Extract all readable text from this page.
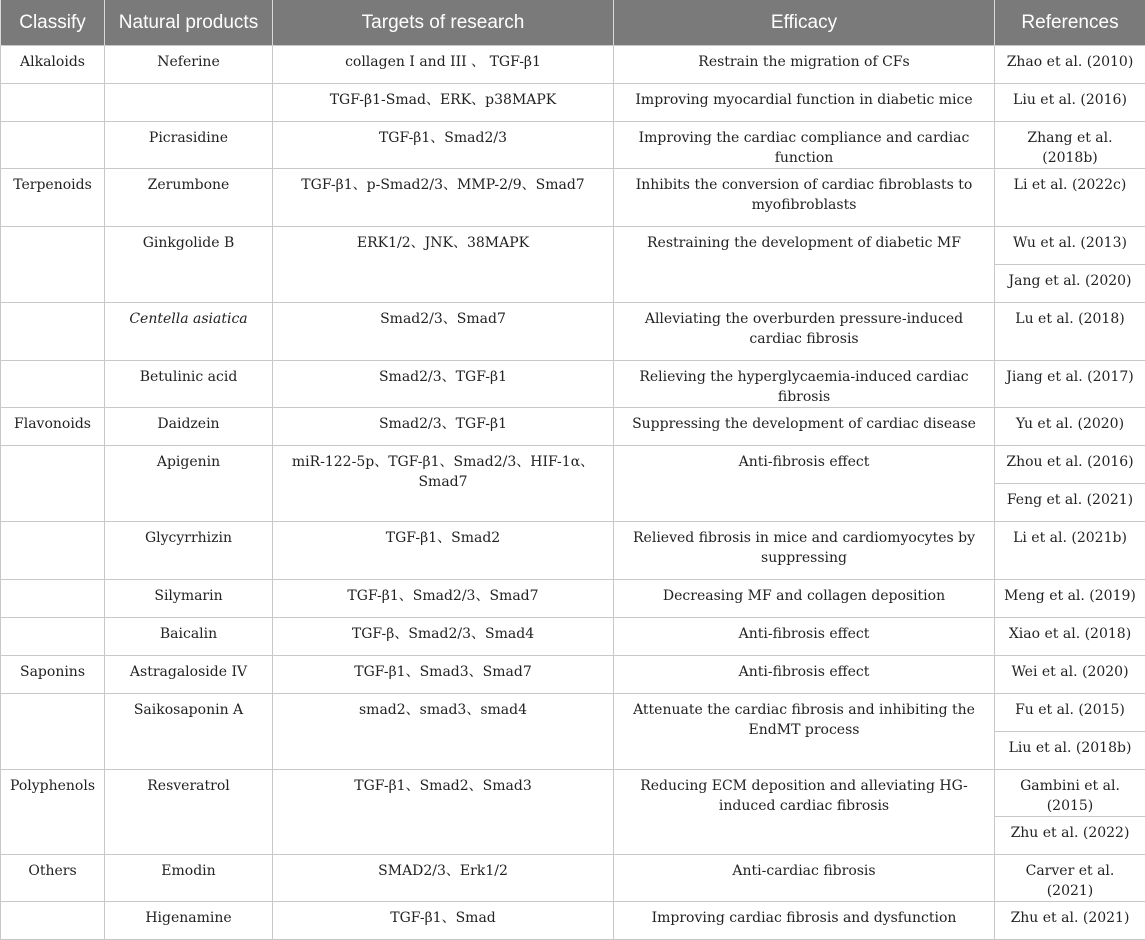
Classify	Natural products	Targets of research	Efficacy	References
Alkaloids	Neferine	collagen I and III 、 TGF-β1	Restrain the migration of CFs	Zhao et al. (2010)
		TGF-β1-Smad、ERK、p38MAPK	Improving myocardial function in diabetic mice	Liu et al. (2016)
	Picrasidine	TGF-β1、Smad2/3	Improving the cardiac compliance and cardiac function	Zhang et al. (2018b)
Terpenoids	Zerumbone	TGF-β1、p-Smad2/3、MMP-2/9、Smad7	Inhibits the conversion of cardiac fibroblasts to myofibroblasts	Li et al. (2022c)
	Ginkgolide B	ERK1/2、JNK、38MAPK	Restraining the development of diabetic MF	Wu et al. (2013)
				Jang et al. (2020)
	Centella asiatica	Smad2/3、Smad7	Alleviating the overburden pressure-induced cardiac fibrosis	Lu et al. (2018)
	Betulinic acid	Smad2/3、TGF-β1	Relieving the hyperglycaemia-induced cardiac fibrosis	Jiang et al. (2017)
Flavonoids	Daidzein	Smad2/3、TGF-β1	Suppressing the development of cardiac disease	Yu et al. (2020)
	Apigenin	miR-122-5p、TGF-β1、Smad2/3、HIF-1α、Smad7	Anti-fibrosis effect	Zhou et al. (2016)
				Feng et al. (2021)
	Glycyrrhizin	TGF-β1、Smad2	Relieved fibrosis in mice and cardiomyocytes by suppressing	Li et al. (2021b)
	Silymarin	TGF-β1、Smad2/3、Smad7	Decreasing MF and collagen deposition	Meng et al. (2019)
	Baicalin	TGF-β、Smad2/3、Smad4	Anti-fibrosis effect	Xiao et al. (2018)
Saponins	Astragaloside IV	TGF-β1、Smad3、Smad7	Anti-fibrosis effect	Wei et al. (2020)
	Saikosaponin A	smad2、smad3、smad4	Attenuate the cardiac fibrosis and inhibiting the EndMT process	Fu et al. (2015)
				Liu et al. (2018b)
Polyphenols	Resveratrol	TGF-β1、Smad2、Smad3	Reducing ECM deposition and alleviating HG-induced cardiac fibrosis	Gambini et al. (2015)
				Zhu et al. (2022)
Others	Emodin	SMAD2/3、Erk1/2	Anti-cardiac fibrosis	Carver et al. (2021)
	Higenamine	TGF-β1、Smad	Improving cardiac fibrosis and dysfunction	Zhu et al. (2021)
